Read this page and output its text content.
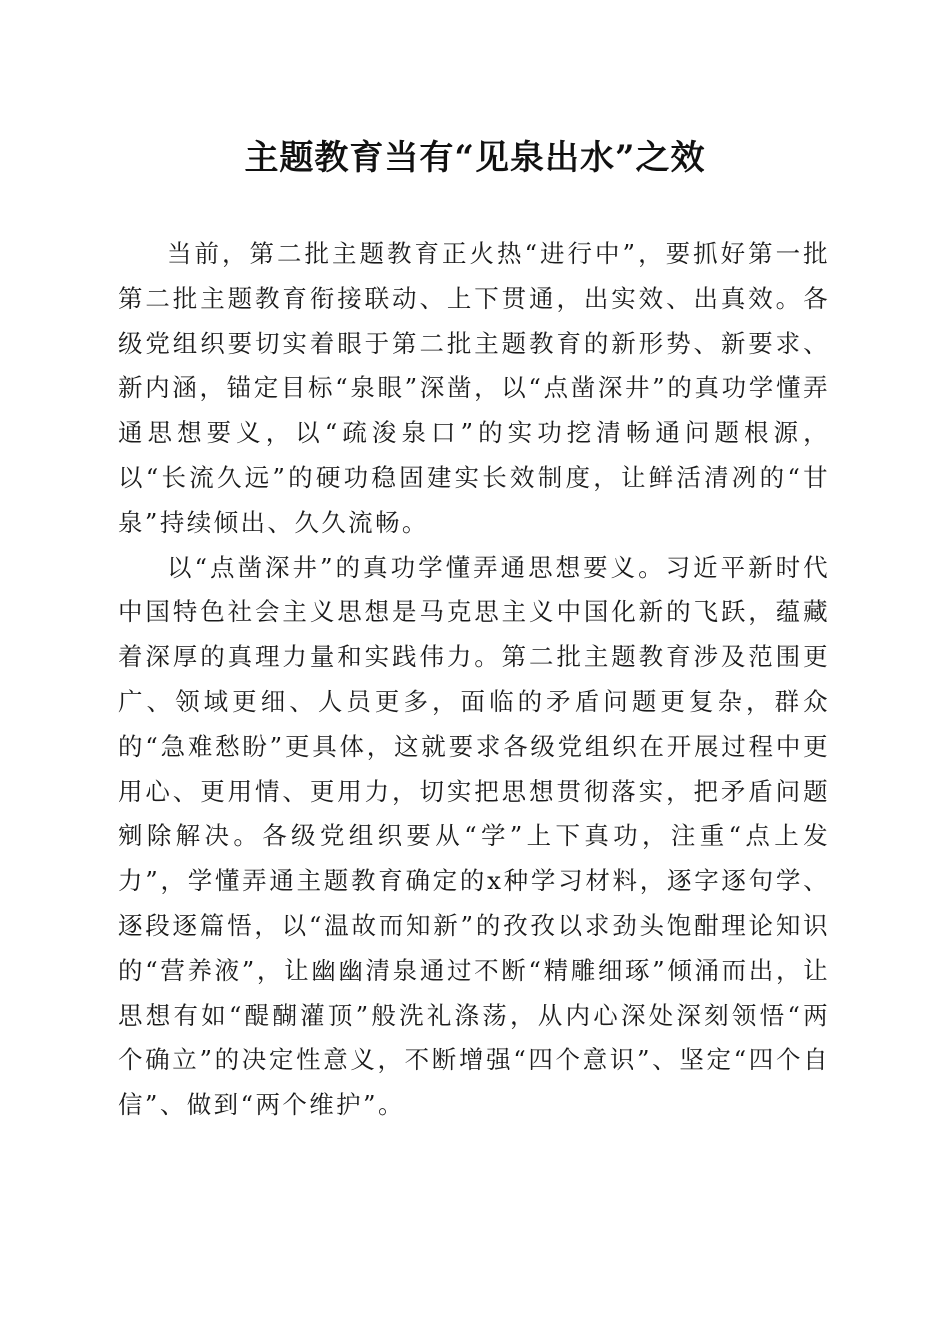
主题教育当有“见泉出水”之效

当前，第二批主题教育正火热“进行中”，要抓好第一批第二批主题教育衔接联动、上下贯通，出实效、出真效。各级党组织要切实着眼于第二批主题教育的新形势、新要求、新内涵，锚定目标“泉眼”深凿，以“点凿深井”的真功学懂弄通思想要义，以“疏浚泉口”的实功挖清畅通问题根源，以“长流久远”的硬功稳固建实长效制度，让鲜活清冽的“甘泉”持续倾出、久久流畅。

以“点凿深井”的真功学懂弄通思想要义。习近平新时代中国特色社会主义思想是马克思主义中国化新的飞跃，蕴藏着深厚的真理力量和实践伟力。第二批主题教育涉及范围更广、领域更细、人员更多，面临的矛盾问题更复杂，群众的“急难愁盼”更具体，这就要求各级党组织在开展过程中更用心、更用情、更用力，切实把思想贯彻落实，把矛盾问题剜除解决。各级党组织要从“学”上下真功，注重“点上发力”，学懂弄通主题教育确定的x种学习材料，逐字逐句学、逐段逐篇悟，以“温故而知新”的孜孜以求劲头饱酣理论知识的“营养液”，让幽幽清泉通过不断“精雕细琢”倾涌而出，让思想有如“醍醐灌顶”般洗礼涤荡，从内心深处深刻领悟“两个确立”的决定性意义，不断增强“四个意识”、坚定“四个自信”、做到“两个维护”。
